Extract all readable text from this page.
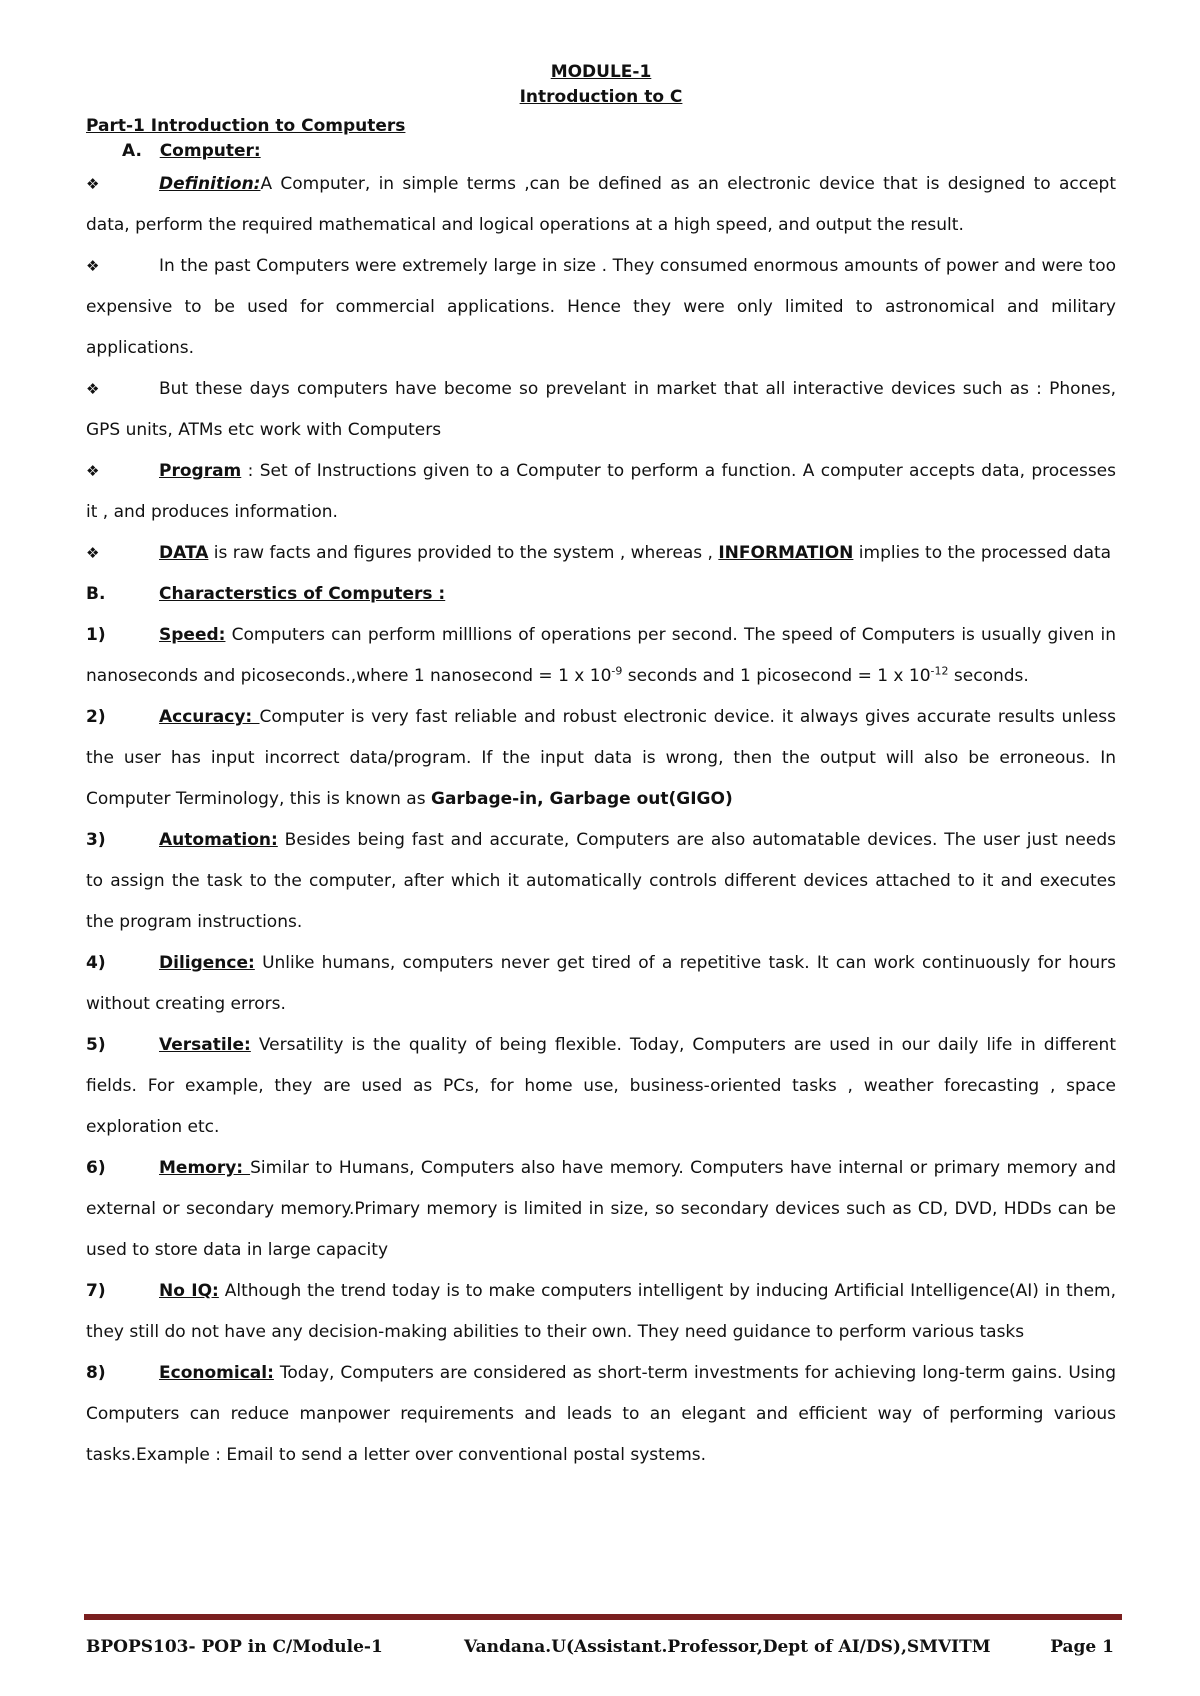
MODULE-1
Introduction to C
Part-1 Introduction to Computers
A. Computer:
❖	Definition:A Computer, in simple terms ,can be defined as an electronic device that is designed to accept data, perform the required mathematical and logical operations at a high speed, and output the result.
❖	In the past Computers were extremely large in size . They consumed enormous amounts of power and were too expensive to be used for commercial applications. Hence they were only limited to astronomical and military applications.
❖	But these days computers have become so prevelant in market that all interactive devices such as : Phones, GPS units, ATMs etc work with Computers
❖	Program : Set of Instructions given to a Computer to perform a function. A computer accepts data, processes it , and produces information.
❖	DATA is raw facts and figures provided to the system , whereas , INFORMATION implies to the processed data
B.	Characterstics of Computers :
1)	Speed: Computers can perform milllions of operations per second. The speed of Computers is usually given in nanoseconds and picoseconds.,where 1 nanosecond = 1 x $10^{-9}$ seconds and 1 picosecond = 1 x $10^{-12}$ seconds.
2)	Accuracy: Computer is very fast reliable and robust electronic device. it always gives accurate results unless the user has input incorrect data/program. If the input data is wrong, then the output will also be erroneous. In Computer Terminology, this is known as Garbage-in, Garbage out(GIGO)
3)	Automation: Besides being fast and accurate, Computers are also automatable devices. The user just needs to assign the task to the computer, after which it automatically controls different devices attached to it and executes the program instructions.
4)	Diligence: Unlike humans, computers never get tired of a repetitive task. It can work continuously for hours without creating errors.
5)	Versatile: Versatility is the quality of being flexible. Today, Computers are used in our daily life in different fields. For example, they are used as PCs, for home use, business-oriented tasks , weather forecasting , space exploration etc.
6)	Memory: Similar to Humans, Computers also have memory. Computers have internal or primary memory and external or secondary memory.Primary memory is limited in size, so secondary devices such as CD, DVD, HDDs can be used to store data in large capacity
7)	No IQ: Although the trend today is to make computers intelligent by inducing Artificial Intelligence(AI) in them, they still do not have any decision-making abilities to their own. They need guidance to perform various tasks
8)	Economical: Today, Computers are considered as short-term investments for achieving long-term gains. Using Computers can reduce manpower requirements and leads to an elegant and efficient way of performing various tasks.Example : Email to send a letter over conventional postal systems.
BPOPS103- POP in C/Module-1	Vandana.U(Assistant.Professor,Dept of AI/DS),SMVITM	Page 1
